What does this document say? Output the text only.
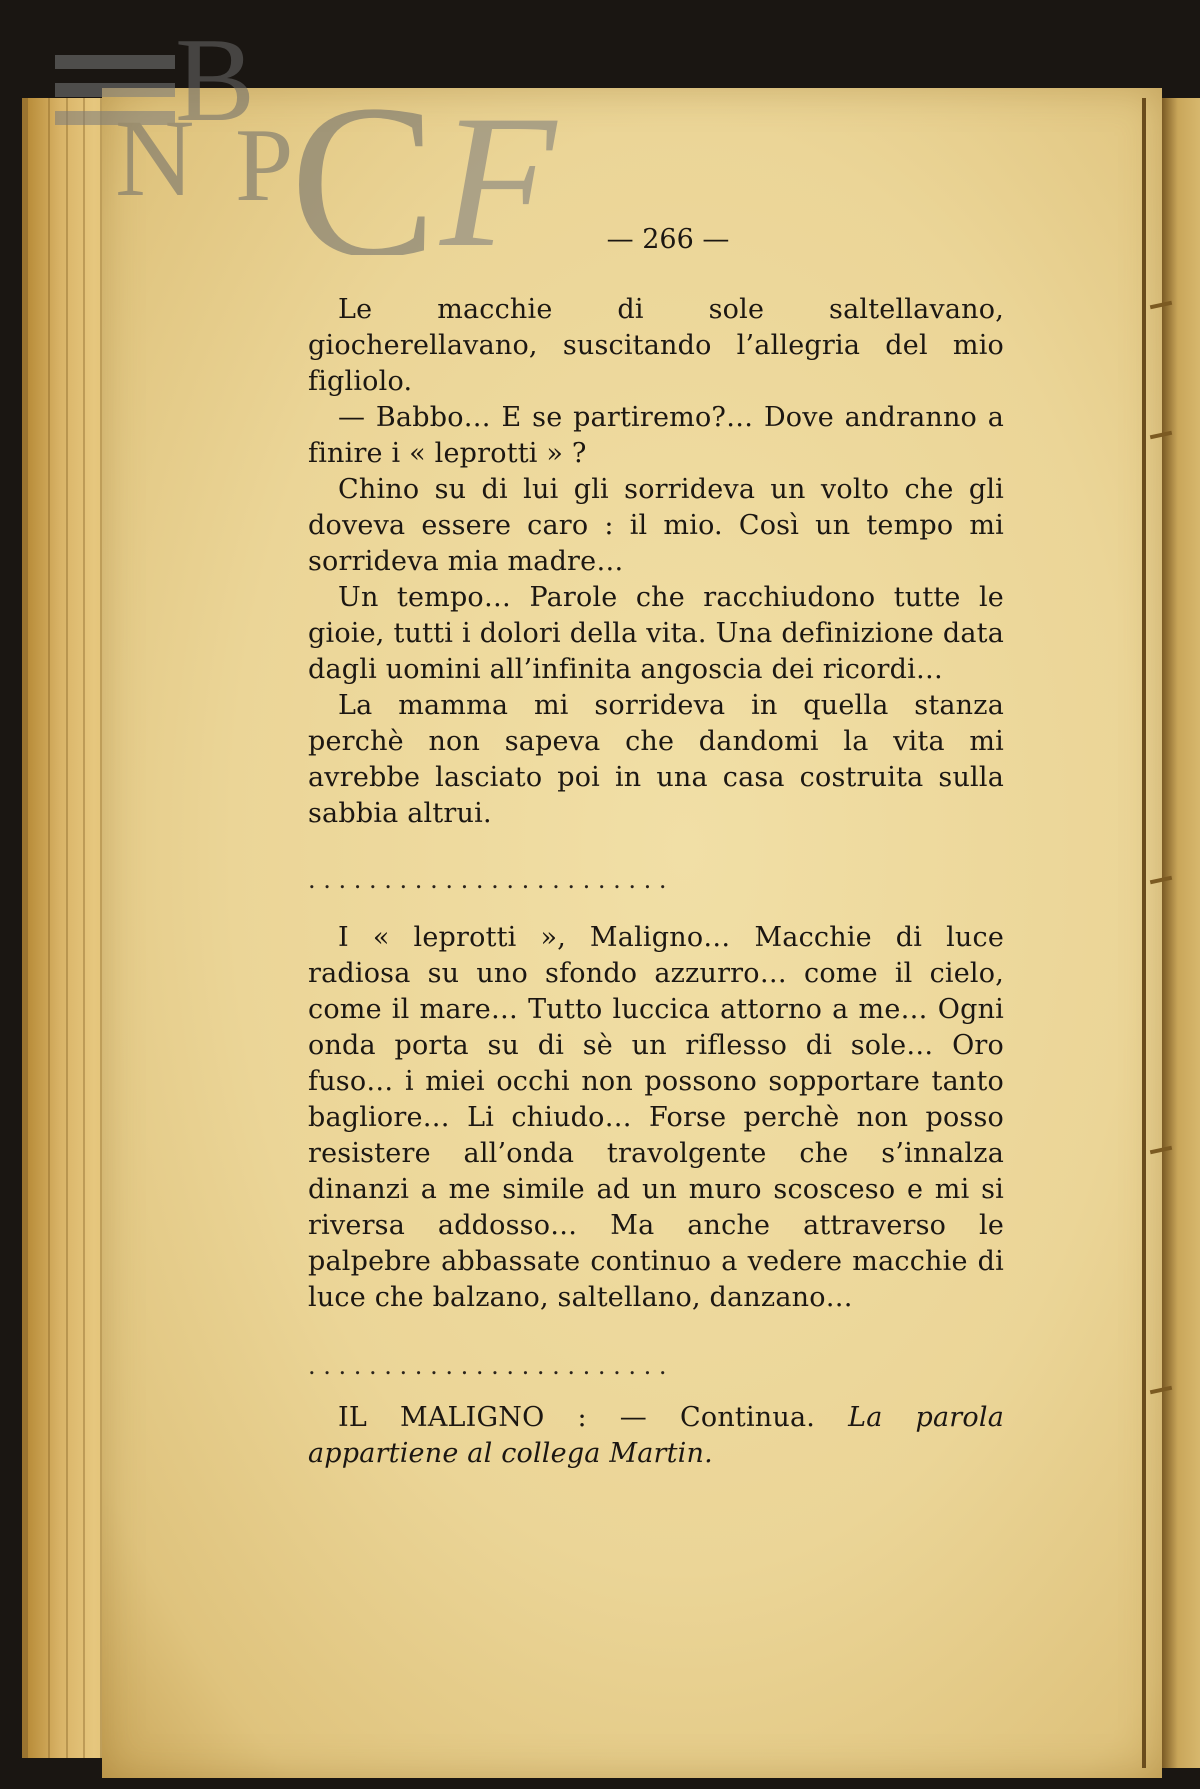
B
N P
C F	— 266 —

Le macchie di sole saltellavano, giocherellavano, suscitando l’allegria del mio figliolo.

— Babbo… E se partiremo?… Dove andranno a finire i « leprotti » ?

Chino su di lui gli sorrideva un volto che gli doveva essere caro : il mio. Così un tempo mi sorrideva mia madre…

Un tempo… Parole che racchiudono tutte le gioie, tutti i dolori della vita. Una definizione data dagli uomini all’infinita angoscia dei ricordi…

La mamma mi sorrideva in quella stanza perchè non sapeva che dandomi la vita mi avrebbe lasciato poi in una casa costruita sulla sabbia altrui.

. . . . . . . . . . . . . . . . . . . . . . . .

I « leprotti », Maligno… Macchie di luce radiosa su uno sfondo azzurro… come il cielo, come il mare… Tutto luccica attorno a me… Ogni onda porta su di sè un riflesso di sole… Oro fuso… i miei occhi non possono sopportare tanto bagliore… Li chiudo… Forse perchè non posso resistere all’onda travolgente che s’innalza dinanzi a me simile ad un muro scosceso e mi si riversa addosso… Ma anche attraverso le palpebre abbassate continuo a vedere macchie di luce che balzano, saltellano, danzano…

. . . . . . . . . . . . . . . . . . . . . . . .

IL MALIGNO : — Continua. La parola appartiene al collega Martin.
